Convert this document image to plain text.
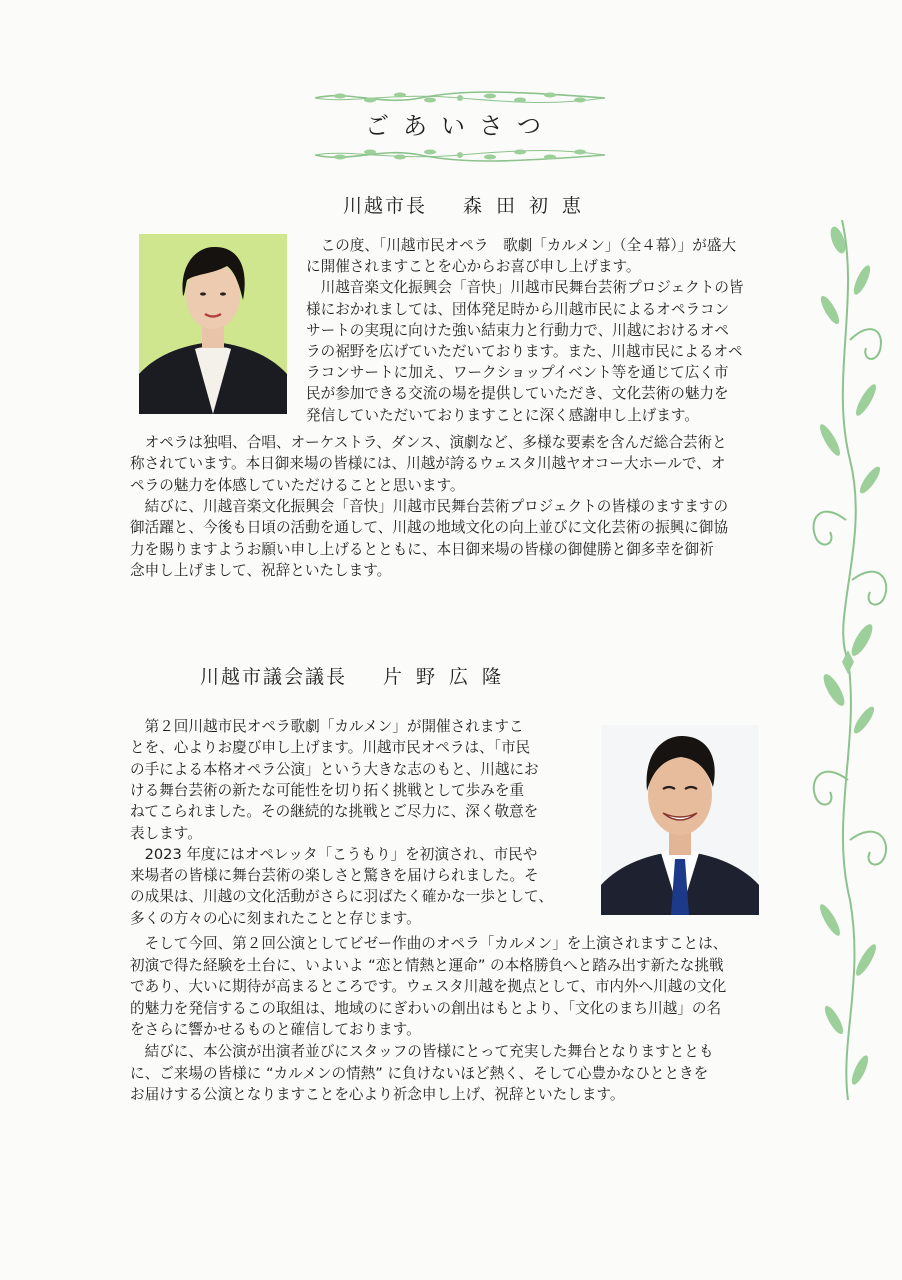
ごあいさつ
川越市長 森田初恵
　この度、「川越市民オペラ　歌劇「カルメン」（全４幕）」が盛大
に開催されますことを心からお喜び申し上げます。
　川越音楽文化振興会「音快」川越市民舞台芸術プロジェクトの皆
様におかれましては、団体発足時から川越市民によるオペラコン
サートの実現に向けた強い結束力と行動力で、川越におけるオペ
ラの裾野を広げていただいております。また、川越市民によるオペ
ラコンサートに加え、ワークショップイベント等を通じて広く市
民が参加できる交流の場を提供していただき、文化芸術の魅力を
発信していただいておりますことに深く感謝申し上げます。
　オペラは独唱、合唱、オーケストラ、ダンス、演劇など、多様な要素を含んだ総合芸術と
称されています。本日御来場の皆様には、川越が誇るウェスタ川越ヤオコー大ホールで、オ
ペラの魅力を体感していただけることと思います。
　結びに、川越音楽文化振興会「音快」川越市民舞台芸術プロジェクトの皆様のますますの
御活躍と、今後も日頃の活動を通して、川越の地域文化の向上並びに文化芸術の振興に御協
力を賜りますようお願い申し上げるとともに、本日御来場の皆様の御健勝と御多幸を御祈
念申し上げまして、祝辞といたします。
川越市議会議長 片野広隆
　第２回川越市民オペラ歌劇「カルメン」が開催されますこ
とを、心よりお慶び申し上げます。川越市民オペラは、「市民
の手による本格オペラ公演」という大きな志のもと、川越にお
ける舞台芸術の新たな可能性を切り拓く挑戦として歩みを重
ねてこられました。その継続的な挑戦とご尽力に、深く敬意を
表します。
　2023 年度にはオペレッタ「こうもり」を初演され、市民や
来場者の皆様に舞台芸術の楽しさと驚きを届けられました。そ
の成果は、川越の文化活動がさらに羽ばたく確かな一歩として、
多くの方々の心に刻まれたことと存じます。
　そして今回、第２回公演としてビゼー作曲のオペラ「カルメン」を上演されますことは、
初演で得た経験を土台に、いよいよ “恋と情熱と運命” の本格勝負へと踏み出す新たな挑戦
であり、大いに期待が高まるところです。ウェスタ川越を拠点として、市内外へ川越の文化
的魅力を発信するこの取組は、地域のにぎわいの創出はもとより、「文化のまち川越」の名
をさらに響かせるものと確信しております。
　結びに、本公演が出演者並びにスタッフの皆様にとって充実した舞台となりますととも
に、ご来場の皆様に “カルメンの情熱” に負けないほど熱く、そして心豊かなひとときを
お届けする公演となりますことを心より祈念申し上げ、祝辞といたします。
